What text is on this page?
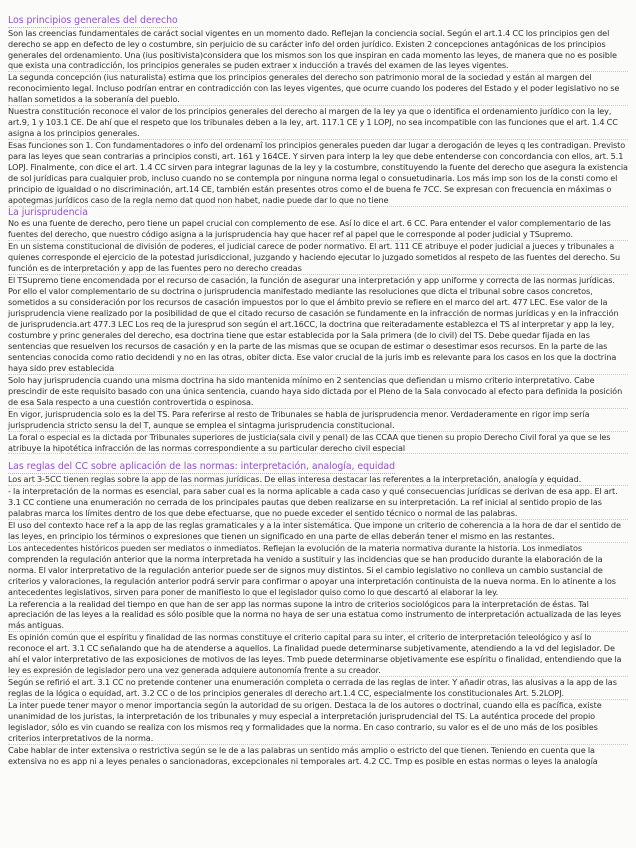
Los principios generales del derecho

Son las creencias fundamentales de caráct social vigentes en un momento dado. Reflejan la conciencia social. Según el art.1.4 CC los principios gen del derecho se app en defecto de ley o costumbre, sin perjuicio de su carácter info del orden jurídico. Existen 2 concepciones antagónicas de los principios generales del ordenamiento. Una (ius positivista)considera que los mismos son los que inspiran en cada momento las leyes, de manera que no es posible que exista una contradicción, los principios generales se puden extraer x inducción a través del examen de las leyes vigentes.

La segunda concepción (ius naturalista) estima que los principios generales del derecho son patrimonio moral de la sociedad y están al margen del reconocimiento legal. Incluso podrían entrar en contradicción con las leyes vigentes, que ocurre cuando los poderes del Estado y el poder legislativo no se hallan sometidos a la soberanía del pueblo.

Nuestra constitución reconoce el valor de los principios generales del derecho al margen de la ley ya que o identifica el ordenamiento jurídico con la ley, art.9, 1 y 103.1 CE. De ahí que el respeto que los tribunales deben a la ley, art. 117.1 CE y 1 LOPJ, no sea incompatible con las funciones que el art. 1.4 CC asigna a los principios generales.

Esas funciones son 1. Con fundamentadores o info del ordenamî los principios generales pueden dar lugar a derogación de leyes q les contradigan. Previsto para las leyes que sean contrarias a principios consti, art. 161 y 164CE. Y sirven para interp la ley que debe entenderse con concordancia con ellos, art. 5.1 LOPJ. Finalmente, con dice el art. 1.4 CC sirven para integrar lagunas de la ley y la costumbre, constituyendo la fuente del derecho que asegura la existencia de sol jurídicas para cualquier prob, incluso cuando no se contempla por ninguna norma legal o consuetudinaria. Los más imp son los de la consti como el principio de igualdad o no discriminación, art.14 CE, también están presentes otros como el de buena fe 7CC. Se expresan con frecuencia en máximas o apotegmas jurídicos caso de la regla nemo dat quod non habet, nadie puede dar lo que no tiene

La jurisprudencia

No es una fuente de derecho, pero tiene un papel crucial con complemento de ese. Así lo dice el art. 6 CC. Para entender el valor complementario de las fuentes del derecho, que nuestro código asigna a la jurisprudencia hay que hacer ref al papel que le corresponde al poder judicial y TSupremo.

En un sistema constitucional de división de poderes, el judicial carece de poder normativo. El art. 111 CE atribuye el poder judicial a jueces y tribunales a quienes corresponde el ejercicio de la potestad jurisdiccional, juzgando y haciendo ejecutar lo juzgado sometidos al respeto de las fuentes del derecho. Su función es de interpretación y app de las fuentes pero no derecho creadas

El TSupremo tiene encomendada por el recurso de casación, la función de asegurar una interpretación y app uniforme y correcta de las normas jurídicas. Por ello el valor complementario de su doctrina o jurisprudencia manifestado mediante las resoluciones que dicta el tribunal sobre casos concretos, sometidos a su consideración por los recursos de casación impuestos por lo que el ámbito previo se refiere en el marco del art. 477 LEC. Ese valor de la jurisprudencia viene realizado por la posibilidad de que el citado recurso de casación se fundamente en la infracción de normas jurídicas y en la infracción de jurisprudencia.art 477.3 LEC Los req de la juresprud son según el art.16CC, la doctrina que reiteradamente establezca el TS al interpretar y app la ley, costumbre y princ generales del derecho, esa doctrina tiene que estar establecida por la Sala primera (de lo civil) del TS. Debe quedar fijada en las sentencias que resuelven los recursos de casación y en la parte de las mismas que se ocupan de estimar o desestimar esos recursos. En la parte de las sentencias conocida como ratio decidendi y no en las otras, obiter dicta. Ese valor crucial de la juris imb es relevante para los casos en los que la doctrina haya sido prev establecida

Solo hay jurisprudencia cuando una misma doctrina ha sido mantenida mínimo en 2 sentencias que defiendan u mismo criterio interpretativo. Cabe prescindir de este requisito basado con una única sentencia, cuando haya sido dictada por el Pleno de la Sala convocado al efecto para definida la posición de esa Sala respecto a una cuestión controvertida o espinosa.

En vigor, jurisprudencia solo es la del TS. Para referirse al resto de Tribunales se habla de jurisprudencia menor. Verdaderamente en rigor imp sería jurisprudencia stricto sensu la del T, aunque se emplea el sintagma jurisprudencia constitucional.

La foral o especial es la dictada por Tribunales superiores de justicia(sala civil y penal) de las CCAA que tienen su propio Derecho Civil foral ya que se les atribuye la hipotética infracción de las normas correspondiente a su particular derecho civil especial

Las reglas del CC sobre aplicación de las normas: interpretación, analogía, equidad

Los art 3-5CC tienen reglas sobre la app de las normas jurídicas. De ellas interesa destacar las referentes a la interpretación, analogía y equidad.

- la interpretación de la normas es esencial, para saber cual es la norma aplicable a cada caso y qué consecuencias jurídicas se derivan de esa app. El art. 3.1 CC contiene una enumeración no cerrada de los principales pautas que deben realizarse en su interpretación. La ref inicial al sentido propio de las palabras marca los límites dentro de los que debe efectuarse, que no puede exceder el sentido técnico o normal de las palabras.

El uso del contexto hace ref a la app de las reglas gramaticales y a la inter sistemática. Que impone un criterio de coherencia a la hora de dar el sentido de las leyes, en principio los términos o expresiones que tienen un significado en una parte de ellas deberán tener el mismo en las restantes.

Los antecedentes históricos pueden ser mediatos o inmediatos. Reflejan la evolución de la materia normativa durante la historia. Los inmediatos comprenden la regulación anterior que la norma interpretada ha venido a sustituir y las incidencias que se han producido durante la elaboración de la norma. El valor interpretativo de la regulación anterior puede ser de signos muy distintos. Si el cambio legislativo no conlleva un cambio sustancial de criterios y valoraciones, la regulación anterior podrá servir para confirmar o apoyar una interpretación continuista de la nueva norma. En lo atinente a los antecedentes legislativos, sirven para poner de manifiesto lo que el legislador quiso como lo que descartó al elaborar la ley.

La referencia a la realidad del tiempo en que han de ser app las normas supone la intro de criterios sociológicos para la interpretación de éstas. Tal apreciación de las leyes a la realidad es sólo posible que la norma no haya de ser una estatua como instrumento de interpretación actualizada de las leyes más antiguas.

Es opinión común que el espíritu y finalidad de las normas constituye el criterio capital para su inter, el criterio de interpretación teleológico y así lo reconoce el art. 3.1 CC señalando que ha de atenderse a aquellos. La finalidad puede determinarse subjetivamente, atendiendo a la vd del legislador. De ahí el valor interpretativo de las exposiciones de motivos de las leyes. Tmb puede determinarse objetivamente ese espíritu o finalidad, entendiendo que la ley es expresión de legislador pero una vez generada adquiere autonomía frente a su creador.

Según se refirió el art. 3.1 CC no pretende contener una enumeración completa o cerrada de las reglas de inter. Y añadir otras, las alusivas a la app de las reglas de la lógica o equidad, art. 3.2 CC o de los principios generales dl derecho art.1.4 CC, especialmente los constitucionales Art. 5.2LOPJ.

La inter puede tener mayor o menor importancia según la autoridad de su origen. Destaca la de los autores o doctrinal, cuando ella es pacífica, existe unanimidad de los juristas, la interpretación de los tribunales y muy especial a interpretación jurisprudencial del TS. La auténtica procede del propio legislador, sólo es vin cuando se realiza con los mismos req y formalidades que la norma. En caso contrario, su valor es el de uno más de los posibles criterios interpretativos de la norma.

Cabe hablar de inter extensiva o restrictiva según se le de a las palabras un sentido más amplio o estricto del que tienen. Teniendo en cuenta que la extensiva no es app ni a leyes penales o sancionadoras, excepcionales ni temporales art. 4.2 CC. Tmp es posible en estas normas o leyes la analogía
